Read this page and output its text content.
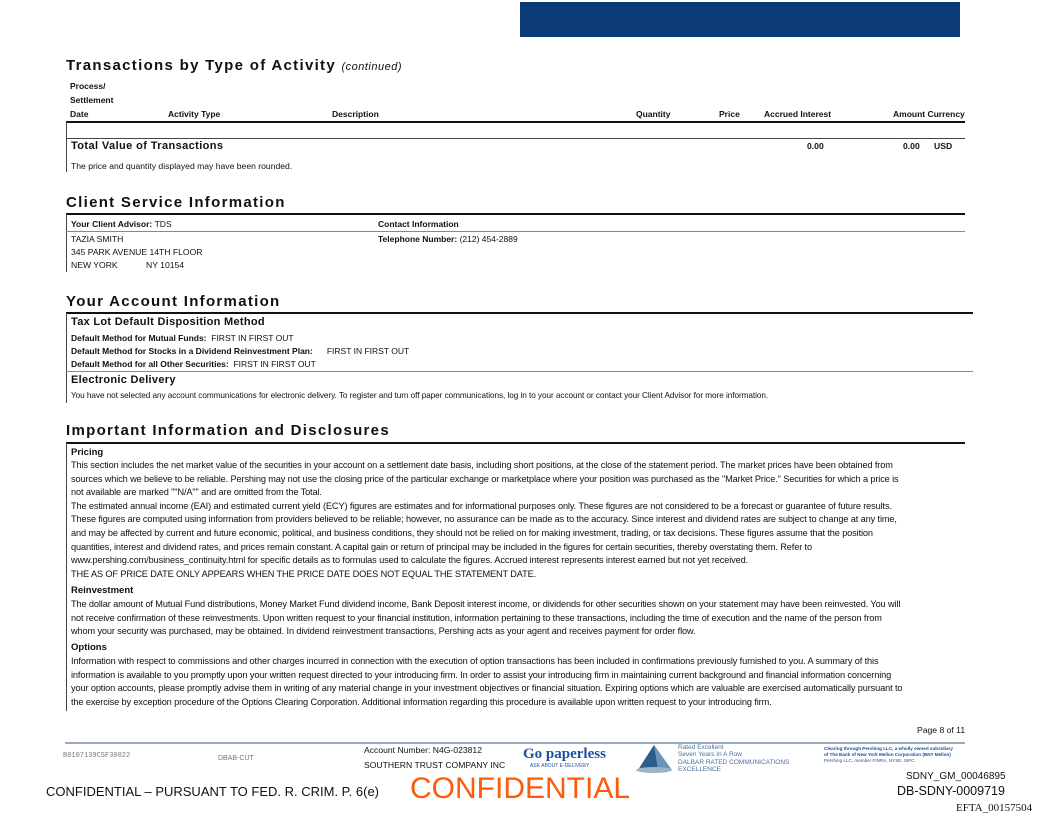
Transactions by Type of Activity (continued)
Process/
Settlement
Date	Activity Type	Description	Quantity	Price	Accrued Interest	Amount Currency
Total Value of Transactions	0.00	0.00 USD
The price and quantity displayed may have been rounded.
Client Service Information
Your Client Advisor: TDS	Contact Information
TAZIA SMITH
345 PARK AVENUE 14TH FLOOR
NEW YORK	NY 10154
Telephone Number: (212) 454-2889
Your Account Information
Tax Lot Default Disposition Method
Default Method for Mutual Funds: FIRST IN FIRST OUT
Default Method for Stocks in a Dividend Reinvestment Plan: FIRST IN FIRST OUT
Default Method for all Other Securities: FIRST IN FIRST OUT
Electronic Delivery
You have not selected any account communications for electronic delivery. To register and turn off paper communications, log in to your account or contact your Client Advisor for more information.
Important Information and Disclosures
Pricing
This section includes the net market value of the securities in your account on a settlement date basis, including short positions, at the close of the statement period. The market prices have been obtained from
sources which we believe to be reliable. Pershing may not use the closing price of the particular exchange or marketplace where your position was purchased as the "Market Price." Securities for which a price is
not available are marked ""N/A"" and are omitted from the Total.
The estimated annual income (EAI) and estimated current yield (ECY) figures are estimates and for informational purposes only. These figures are not considered to be a forecast or guarantee of future results.
These figures are computed using information from providers believed to be reliable; however, no assurance can be made as to the accuracy. Since interest and dividend rates are subject to change at any time,
and may be affected by current and future economic, political, and business conditions, they should not be relied on for making investment, trading, or tax decisions. These figures assume that the position
quantities, interest and dividend rates, and prices remain constant. A capital gain or return of principal may be included in the figures for certain securities, thereby overstating them. Refer to
www.pershing.com/business_continuity.html for specific details as to formulas used to calculate the figures. Accrued interest represents interest earned but not yet received.
THE AS OF PRICE DATE ONLY APPEARS WHEN THE PRICE DATE DOES NOT EQUAL THE STATEMENT DATE.
Reinvestment
The dollar amount of Mutual Fund distributions, Money Market Fund dividend income, Bank Deposit interest income, or dividends for other securities shown on your statement may have been reinvested. You will
not receive confirmation of these reinvestments. Upon written request to your financial institution, information pertaining to these transactions, including the time of execution and the name of the person from
whom your security was purchased, may be obtained. In dividend reinvestment transactions, Pershing acts as your agent and receives payment for order flow.
Options
Information with respect to commissions and other charges incurred in connection with the execution of option transactions has been included in confirmations previously furnished to you. A summary of this
information is available to you promptly upon your written request directed to your introducing firm. In order to assist your introducing firm in maintaining current background and financial information concerning
your option accounts, please promptly advise them in writing of any material change in your investment objectives or financial situation. Expiring options which are valuable are exercised automatically pursuant to
the exercise by exception procedure of the Options Clearing Corporation. Additional information regarding this procedure is available upon written request to your introducing firm.
Page 8 of 11
B0107139CSF30022	DBAB-CUT
Account Number: N4G-023812
SOUTHERN TRUST COMPANY INC
Go paperless
ASK ABOUT E-DELIVERY
Rated Excellent
Seven Years In A Row
DALBAR RATED COMMUNICATIONS
EXCELLENCE
Clearing through Pershing LLC, a wholly owned subsidiary
of The Bank of New York Mellon Corporation (BNY Mellon)
Pershing LLC, member FINRA, NYSE, SIPC
CONFIDENTIAL
CONFIDENTIAL – PURSUANT TO FED. R. CRIM. P. 6(e)
SDNY_GM_00046895
DB-SDNY-0009719
EFTA_00157504
